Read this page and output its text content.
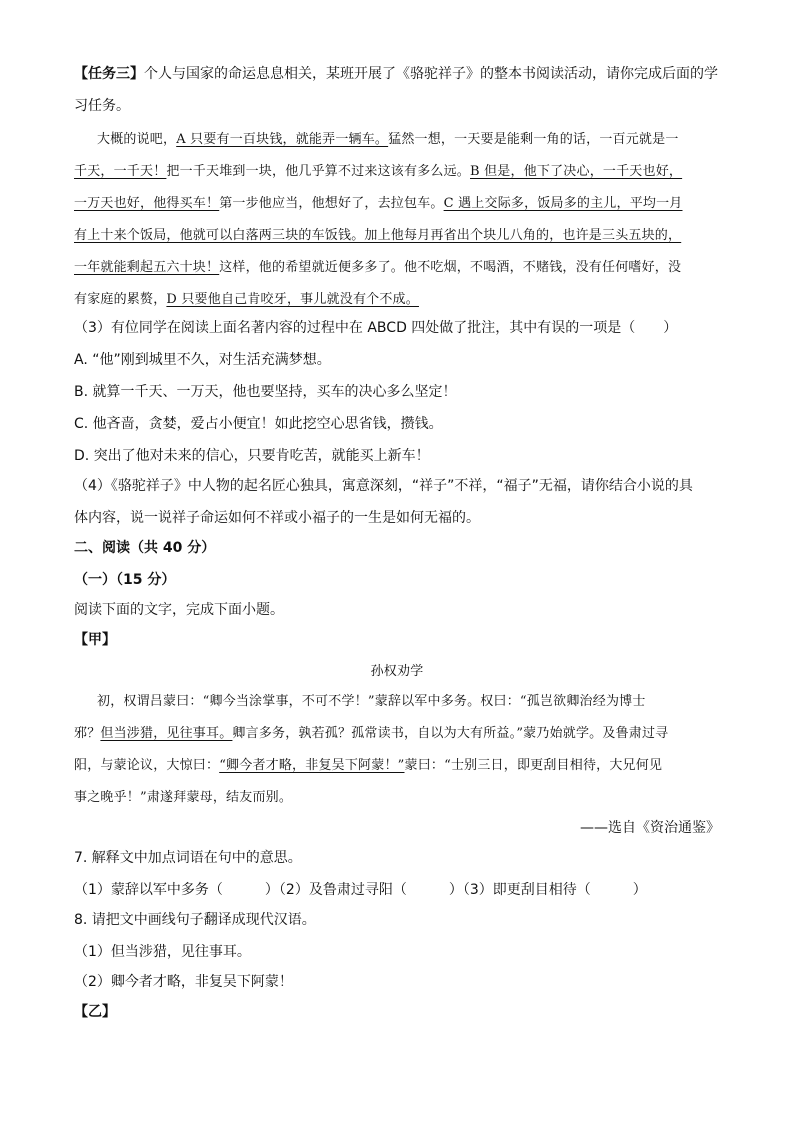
【任务三】个人与国家的命运息息相关，某班开展了《骆驼祥子》的整本书阅读活动，请你完成后面的学
习任务。
大概的说吧，A 只要有一百块钱，就能弄一辆车。猛然一想，一天要是能剩一角的话，一百元就是一
千天，一千天！把一千天堆到一块，他几乎算不过来这该有多么远。B 但是，他下了决心，一千天也好，
一万天也好，他得买车！第一步他应当，他想好了，去拉包车。C 遇上交际多，饭局多的主儿，平均一月
有上十来个饭局，他就可以白落两三块的车饭钱。加上他每月再省出个块儿八角的，也许是三头五块的，
一年就能剩起五六十块！这样，他的希望就近便多多了。他不吃烟，不喝酒，不赌钱，没有任何嗜好，没
有家庭的累赘，D 只要他自己肯咬牙，事儿就没有个不成。
（3）有位同学在阅读上面名著内容的过程中在 ABCD 四处做了批注，其中有误的一项是（　　）
A. “他”刚到城里不久，对生活充满梦想。
B. 就算一千天、一万天，他也要坚持，买车的决心多么坚定！
C. 他吝啬，贪婪，爱占小便宜！如此挖空心思省钱，攒钱。
D. 突出了他对未来的信心，只要肯吃苦，就能买上新车！
（4）《骆驼祥子》中人物的起名匠心独具，寓意深刻，“祥子”不祥，“福子”无福，请你结合小说的具
体内容，说一说祥子命运如何不祥或小福子的一生是如何无福的。
二、阅读（共 40 分）
（一）（15 分）
阅读下面的文字，完成下面小题。
【甲】
孙权劝学
初，权谓吕蒙曰：“卿今当涂掌事，不可不学！”蒙辞以军中多务。权曰：“孤岂欲卿治经为博士
邪？但当涉猎，见往事耳。卿言多务，孰若孤？孤常读书，自以为大有所益。”蒙乃始就学。及鲁肃过寻
阳，与蒙论议，大惊曰：“卿今者才略，非复吴下阿蒙！”蒙曰：“士别三日，即更刮目相待，大兄何见
事之晚乎！”肃遂拜蒙母，结友而别。
——选自《资治通鉴》
7. 解释文中加点词语在句中的意思。
（1）蒙辞以军中多务（　　　）（2）及鲁肃过寻阳（　　　）（3）即更刮目相待（　　　）
8. 请把文中画线句子翻译成现代汉语。
（1）但当涉猎，见往事耳。
（2）卿今者才略，非复吴下阿蒙！
【乙】
